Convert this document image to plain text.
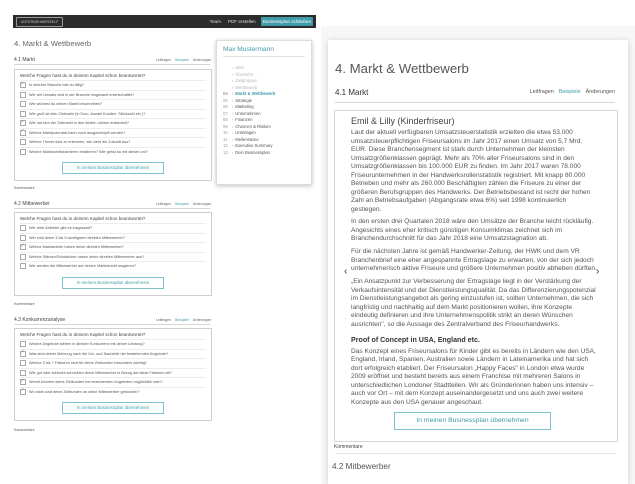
UNTERNEHMERSELF	Team	PDF erstellen	Businessplan schließen
4. Markt & Wettbewerb
4.1 Markt	Leitfragen Beispiele Änderungen
Welche Fragen hast du in deinem Kapitel schon beantwortet?
✓
In welcher Branche bist du tätig?
Wie viel Umsatz wird in der Branche insgesamt erwirtschaftet?
Wie würdest du deinen Markt beschreiben?
Wie groß ist dein Zielmarkt (in Euro, Anzahl Kunden, Stückzahl etc.)?
✓
Wie hat sich der Zielmarkt in den letzten Jahren entwickelt?
✓
Welche Marktpotenzial kann noch ausgeschöpft werden?
Welche Trends sind zu erkennen, wie sieht die Zukunft aus?
Welche Marktzutrittsbarrieren existieren? Wie gehst du mit diesen um?
In meinen Businessplan übernehmen
Kommentare
4.2 Mitbewerber	Leitfragen Beispiele Änderungen
Welche Fragen hast du in deinem Kapitel schon beantwortet?
Wie viele Anbieter gibt es insgesamt?
Wer sind deine 3 bis 5 wichtigsten direkten Mitbewerber?
✓
Welche Marktanteile haben deine direkten Mitbewerber?
Welche Stärken/Schwächen haben deine direkten Mitbewerber aus?
Wie werden die Mitbewerber auf deinen Markteintritt reagieren?
In meinen Businessplan übernehmen
Kommentare
4.3 Konkurrenzanalyse	Leitfragen Beispiele Änderungen
Welche Fragen hast du in deinem Kapitel schon beantwortet?
Welche Angebote stehen in direkter Konkurrenz mit deiner Leistung?
✓
Was sind deiner Meinung nach die Vor- und Nachteile der bestehenden Angebote?
Welche 3 bis 7 Faktoren sind für deine Zielkunden besonders wichtig?
Wie gut oder schlecht schneiden deine Mitbewerber in Bezug auf diese Faktoren ab?
✓
Womit könnten deine Zielkunden bei bestehenden Angeboten unglücklich sein?
✓
Wo stark sind deine Zielkunden an deine Mitbewerber gebunden?
In meinen Businessplan übernehmen
Kommentare
Max Mustermann
› Start
› Übersicht
› Zielgruppen
› Wettbewerb
04 › Markt & Wettbewerb
05 › Strategie
06 › Marketing
07 › Unternehmen
08 › Finanzen
09 › Chancen & Risiken
10 › Unterlagen
11 › Meilensteine
12 › Executive Summary
13 › Dein Businessplan
4. Markt & Wettbewerb
4.1 Markt	Leitfragen Beispiele Änderungen
‹	›
Emil & Lilly (Kinderfriseur)

Laut der aktuell verfügbaren Umsatzsteuerstatistik erzielten die etwa 53.000 umsatzsteuerpflichtigen Friseursalons im Jahr 2017 einen Umsatz von 5,7 Mrd. EUR. Diese Branchensegment ist stark durch Unternehmen der kleinsten Umsatzgrößenklassen geprägt. Mehr als 70% aller Friseursalons sind in den Umsatzgrößenklassen bis 100.000 EUR zu finden. Im Jahr 2017 waren 78.000 Friseurunternehmen in der Handwerksrollenstatistik registriert. Mit knapp 80.000 Betrieben und mehr als 260.000 Beschäftigten zählen die Friseure zu einer der größeren Berufsgruppen des Handwerks. Der Betriebsbestand ist recht der hohen Zahl an Betriebsaufgaben (Abgangsrate etwa 6%) seit 1998 kontinuierlich gestiegen.

In den ersten drei Quartalen 2018 wäre den Umsätze der Branche leicht rückläufig. Angesichts eines eher kritisch günstigen Konsumklimas zeichnet sich im Branchendurchschnitt für das Jahr 2018 eine Umsatzstagnation ab.

Für die nächsten Jahre ist gemäß Handwerker-Zeitung, der HWK und dem VR Branchenbrief eine eher angespannte Ertragslage zu erwarten, von der sich jedoch unternehmerisch aktive Friseure und größere Unternehmen positiv abheben dürften.

„Ein Ansatzpunkt zur Verbesserung der Ertragslage liegt in der Verstärkung der Verkaufsintensität und der Dienstleistungsqualität. Da das Differenzierungspotenzial im Dienstleistungsangebot als gering einzustufen ist, sollten Unternehmen, die sich langfristig und nachhaltig auf dem Markt positionieren wollen, ihre Konzepte eindeutig definieren und ihre Unternehmenspolitik strikt an deren Wünschen ausrichten", so die Aussage des Zentralverband des Friseurhandwerks.

Proof of Concept in USA, England etc.

Das Konzept eines Friseursalons für Kinder gibt es bereits in Ländern wie den USA, England, Irland, Spanien, Australien sowie Ländern in Lateinamerika und hat sich dort erfolgreich etabliert. Der Friseursalon „Happy Faces" in London etwa wurde 2009 eröffnet und besteht bereits aus einem Franchise mit mehreren Salons in unterschiedlichen Londoner Stadtteilen. Wir als Gründerinnen haben uns intensiv – auch vor Ort – mit dem Konzept auseinandergesetzt und uns auch zwei weitere Konzepte aus den USA genauer angeschaut.

In meinen Businessplan übernehmen
Kommentare
4.2 Mitbewerber
